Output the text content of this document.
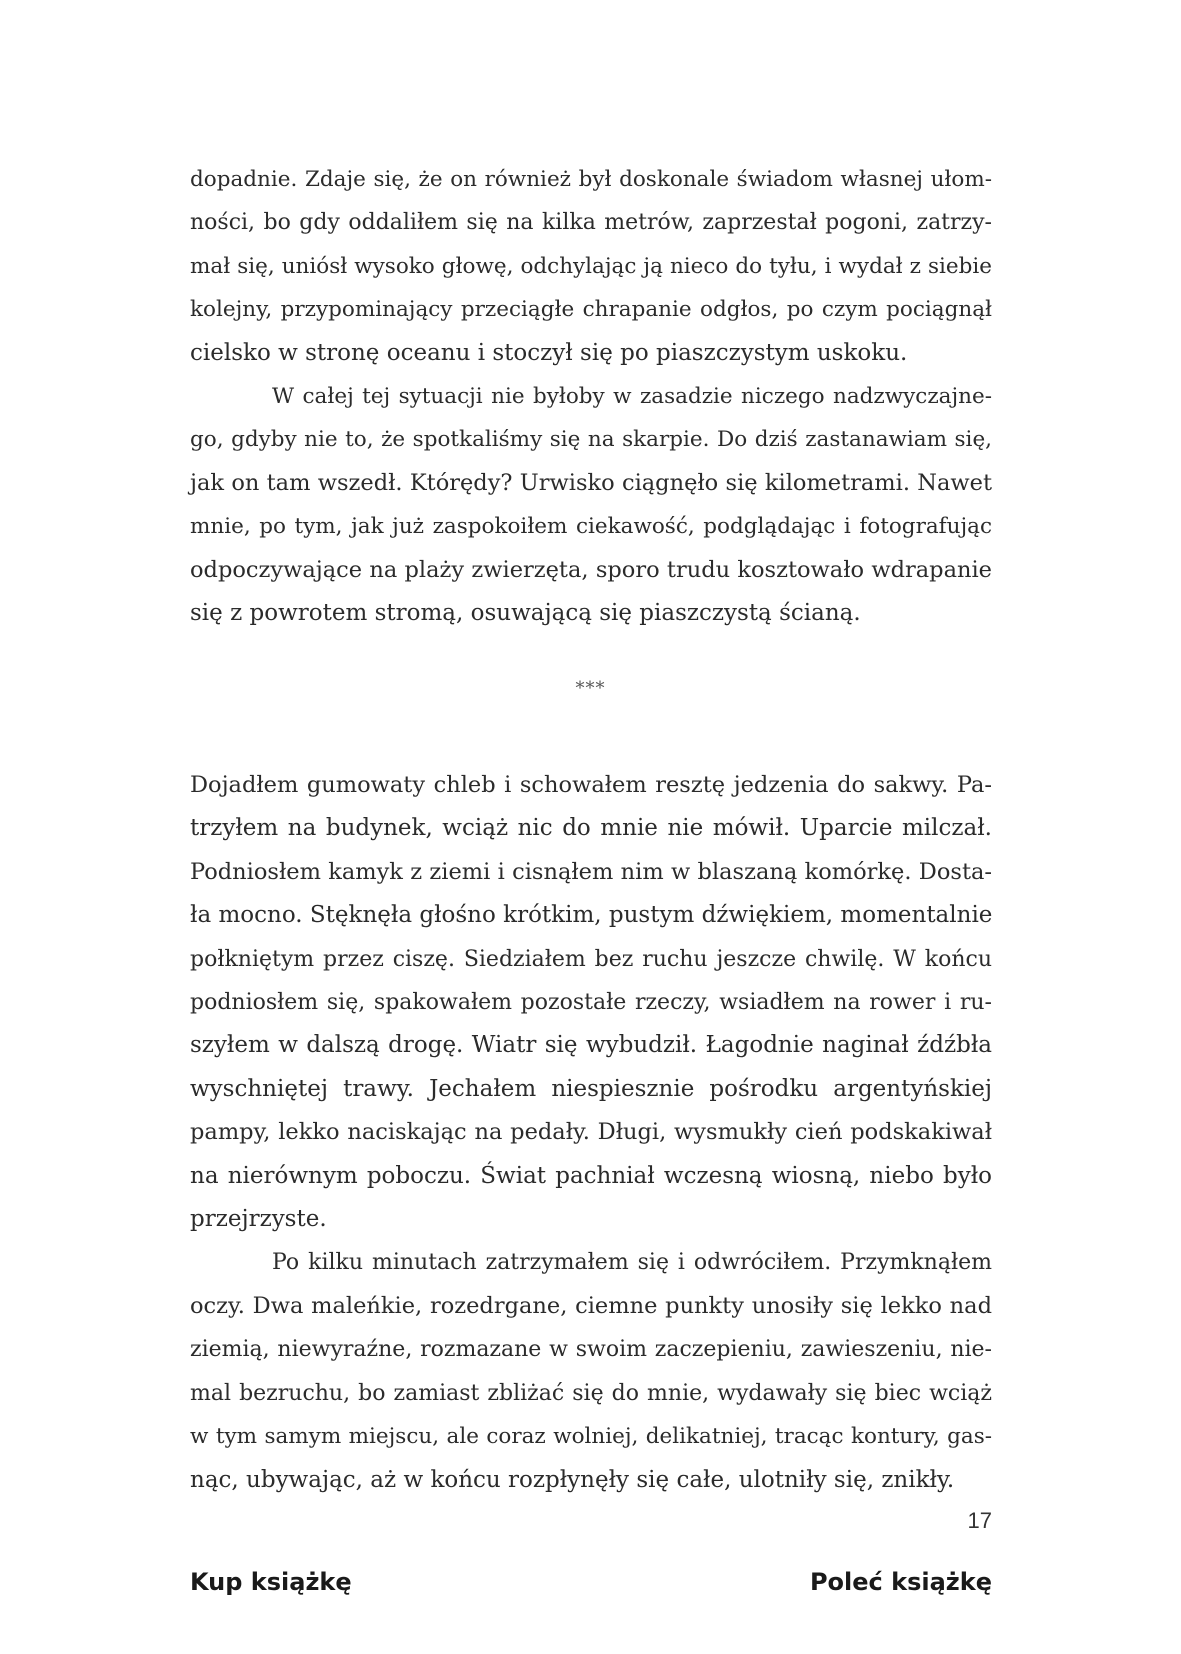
dopadnie. Zdaje się, że on również był doskonale świadom własnej ułom-
ności, bo gdy oddaliłem się na kilka metrów, zaprzestał pogoni, zatrzy-
mał się, uniósł wysoko głowę, odchylając ją nieco do tyłu, i wydał z siebie
kolejny, przypominający przeciągłe chrapanie odgłos, po czym pociągnął
cielsko w stronę oceanu i stoczył się po piaszczystym uskoku.
W całej tej sytuacji nie byłoby w zasadzie niczego nadzwyczajne-
go, gdyby nie to, że spotkaliśmy się na skarpie. Do dziś zastanawiam się,
jak on tam wszedł. Którędy? Urwisko ciągnęło się kilometrami. Nawet
mnie, po tym, jak już zaspokoiłem ciekawość, podglądając i fotografując
odpoczywające na plaży zwierzęta, sporo trudu kosztowało wdrapanie
się z powrotem stromą, osuwającą się piaszczystą ścianą.
***
Dojadłem gumowaty chleb i schowałem resztę jedzenia do sakwy. Pa-
trzyłem na budynek, wciąż nic do mnie nie mówił. Uparcie milczał.
Podniosłem kamyk z ziemi i cisnąłem nim w blaszaną komórkę. Dosta-
ła mocno. Stęknęła głośno krótkim, pustym dźwiękiem, momentalnie
połkniętym przez ciszę. Siedziałem bez ruchu jeszcze chwilę. W końcu
podniosłem się, spakowałem pozostałe rzeczy, wsiadłem na rower i ru-
szyłem w dalszą drogę. Wiatr się wybudził. Łagodnie naginał źdźbła
wyschniętej trawy. Jechałem niespiesznie pośrodku argentyńskiej
pampy, lekko naciskając na pedały. Długi, wysmukły cień podskakiwał
na nierównym poboczu. Świat pachniał wczesną wiosną, niebo było
przejrzyste.
Po kilku minutach zatrzymałem się i odwróciłem. Przymknąłem
oczy. Dwa maleńkie, rozedrgane, ciemne punkty unosiły się lekko nad
ziemią, niewyraźne, rozmazane w swoim zaczepieniu, zawieszeniu, nie-
mal bezruchu, bo zamiast zbliżać się do mnie, wydawały się biec wciąż
w tym samym miejscu, ale coraz wolniej, delikatniej, tracąc kontury, gas-
nąc, ubywając, aż w końcu rozpłynęły się całe, ulotniły się, znikły.
17
Kup książkę	Poleć książkę
